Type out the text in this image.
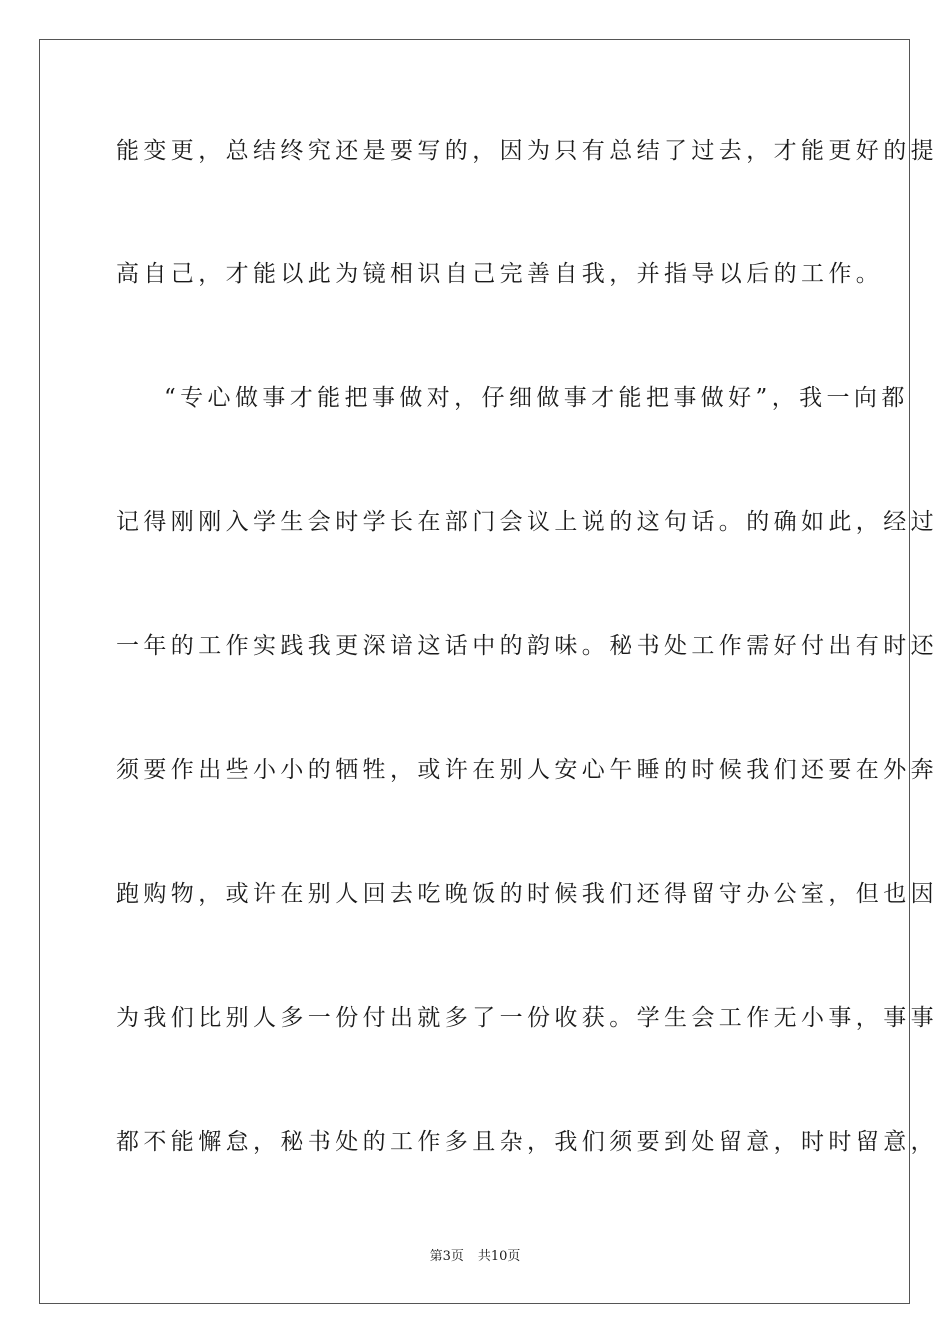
能变更，总结终究还是要写的，因为只有总结了过去，才能更好的提
高自己，才能以此为镜相识自己完善自我，并指导以后的工作。
“专心做事才能把事做对，仔细做事才能把事做好”，我一向都
记得刚刚入学生会时学长在部门会议上说的这句话。的确如此，经过
一年的工作实践我更深谙这话中的韵味。秘书处工作需好付出有时还
须要作出些小小的牺牲，或许在别人安心午睡的时候我们还要在外奔
跑购物，或许在别人回去吃晚饭的时候我们还得留守办公室，但也因
为我们比别人多一份付出就多了一份收获。学生会工作无小事，事事
都不能懈怠，秘书处的工作多且杂，我们须要到处留意，时时留意，
第3页 共10页
